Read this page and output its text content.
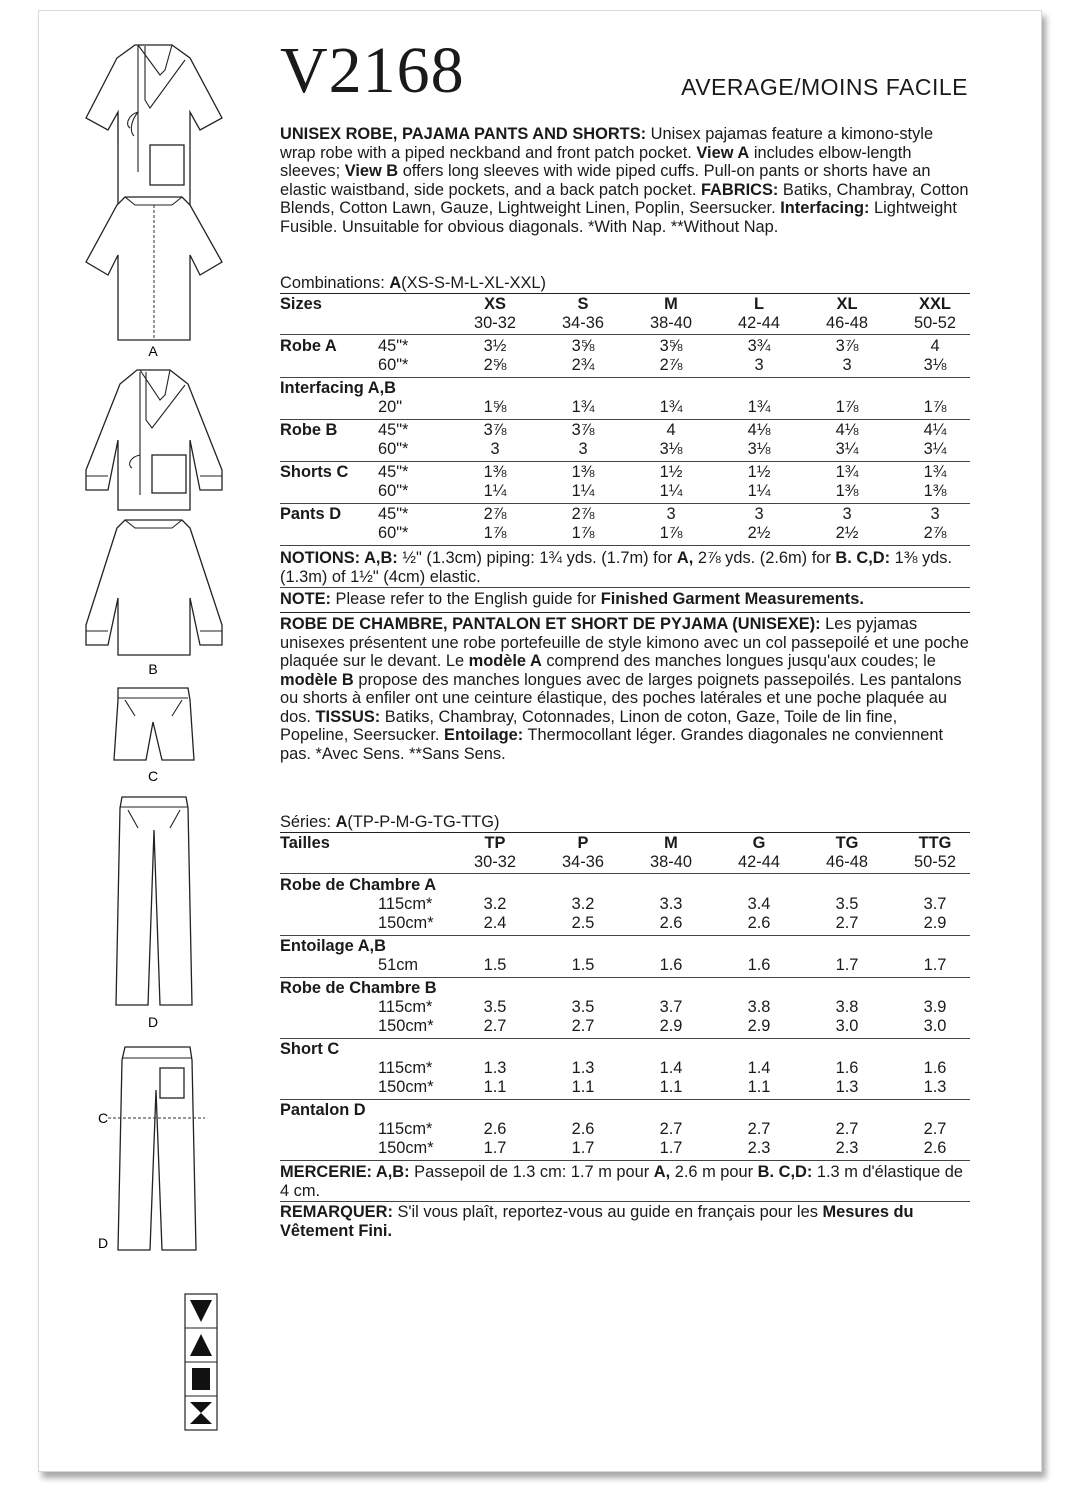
V2168	AVERAGE/MOINS FACILE
UNISEX ROBE, PAJAMA PANTS AND SHORTS: Unisex pajamas feature a kimono-style wrap robe with a piped neckband and front patch pocket. View A includes elbow-length sleeves; View B offers long sleeves with wide piped cuffs. Pull-on pants or shorts have an elastic waistband, side pockets, and a back patch pocket. FABRICS: Batiks, Chambray, Cotton Blends, Cotton Lawn, Gauze, Lightweight Linen, Poplin, Seersucker. Interfacing: Lightweight Fusible. Unsuitable for obvious diagonals. *With Nap. **Without Nap.
Combinations: A(XS-S-M-L-XL-XXL)
NOTIONS: A,B: ½" (1.3cm) piping: 1¾ yds. (1.7m) for A, 2⅞ yds. (2.6m) for B. C,D: 1⅜ yds. (1.3m) of 1½" (4cm) elastic.
NOTE: Please refer to the English guide for Finished Garment Measurements.
ROBE DE CHAMBRE, PANTALON ET SHORT DE PYJAMA (UNISEXE): Les pyjamas unisexes présentent une robe portefeuille de style kimono avec un col passepoilé et une poche plaquée sur le devant. Le modèle A comprend des manches longues jusqu'aux coudes; le modèle B propose des manches longues avec de larges poignets passepoilés. Les pantalons ou shorts à enfiler ont une ceinture élastique, des poches latérales et une poche plaquée au dos. TISSUS: Batiks, Chambray, Cotonnades, Linon de coton, Gaze, Toile de lin fine, Popeline, Seersucker. Entoilage: Thermocollant léger. Grandes diagonales ne conviennent pas. *Avec Sens. **Sans Sens.
Séries: A(TP-P-M-G-TG-TTG)
MERCERIE: A,B: Passepoil de 1.3 cm: 1.7 m pour A, 2.6 m pour B. C,D: 1.3 m d'élastique de 4 cm.
REMARQUER: S'il vous plaît, reportez-vous au guide en français pour les Mesures du Vêtement Fini.
A
B
C
D
C
D
Sizes	XS	S	M	L	XL	XXL
30-32	34-36	38-40	42-44	46-48	50-52
Robe A	45"*	3½	3⅝	3⅝	3¾	3⅞	4
60"*	2⅝	2¾	2⅞	3	3	3⅛
Interfacing A,B
20"	1⅝	1¾	1¾	1¾	1⅞	1⅞
Robe B 45"*	3⅞	3⅞	4	4⅛	4⅛	4¼
60"*	3	3	3⅛	3⅛	3¼	3¼
Shorts C 45"*	1⅜	1⅜	1½	1½	1¾	1¾
60"*	1¼	1¼	1¼	1¼	1⅜	1⅜
Pants D 45"*	2⅞	2⅞	3	3	3	3
60"*	1⅞	1⅞	1⅞	2½	2½	2⅞
Tailles	TP	P	M	G	TG	TTG
30-32	34-36	38-40	42-44	46-48	50-52
Robe de Chambre A
115cm*	3.2	3.2	3.3	3.4	3.5	3.7
150cm*	2.4	2.5	2.6	2.6	2.7	2.9
Entoilage A,B
51cm	1.5	1.5	1.6	1.6	1.7	1.7
Robe de Chambre B
115cm*	3.5	3.5	3.7	3.8	3.8	3.9
150cm*	2.7	2.7	2.9	2.9	3.0	3.0
Short C
115cm*	1.3	1.3	1.4	1.4	1.6	1.6
150cm*	1.1	1.1	1.1	1.1	1.3	1.3
Pantalon D
115cm*	2.6	2.6	2.7	2.7	2.7	2.7
150cm*	1.7	1.7	1.7	2.3	2.3	2.6
